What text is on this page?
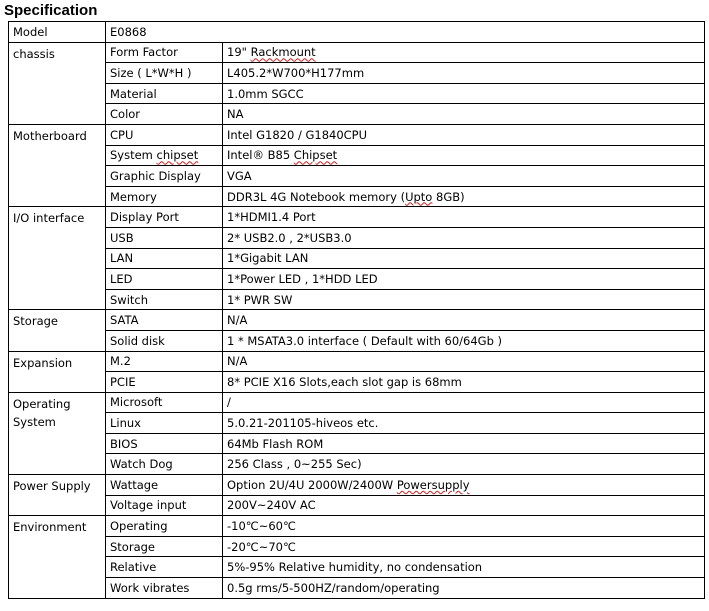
Specification
Model	E0868	
chassis	Form Factor	19" Rackmount
	Size ( L*W*H )	L405.2*W700*H177mm
	Material	1.0mm SGCC
	Color	NA
Motherboard	CPU	Intel G1820 / G1840CPU
	System chipset	Intel® B85 Chipset
	Graphic Display	VGA
	Memory	DDR3L 4G Notebook memory (Upto 8GB)
I/O interface	Display Port	1*HDMI1.4 Port
	USB	2* USB2.0 , 2*USB3.0
	LAN	1*Gigabit LAN
	LED	1*Power LED , 1*HDD LED
	Switch	1* PWR SW
Storage	SATA	N/A
	Solid disk	1 * MSATA3.0 interface ( Default with 60/64Gb )
Expansion	M.2	N/A
	PCIE	8* PCIE X16 Slots,each slot gap is 68mm
Operating System	Microsoft	/
	Linux	5.0.21-201105-hiveos etc.
	BIOS	64Mb Flash ROM
	Watch Dog	256 Class , 0~255 Sec)
Power Supply	Wattage	Option 2U/4U 2000W/2400W Powersupply
	Voltage input	200V~240V AC
Environment	Operating	-10℃~60℃
	Storage	-20℃~70℃
	Relative	5%-95% Relative humidity, no condensation
	Work vibrates	0.5g rms/5-500HZ/random/operating
